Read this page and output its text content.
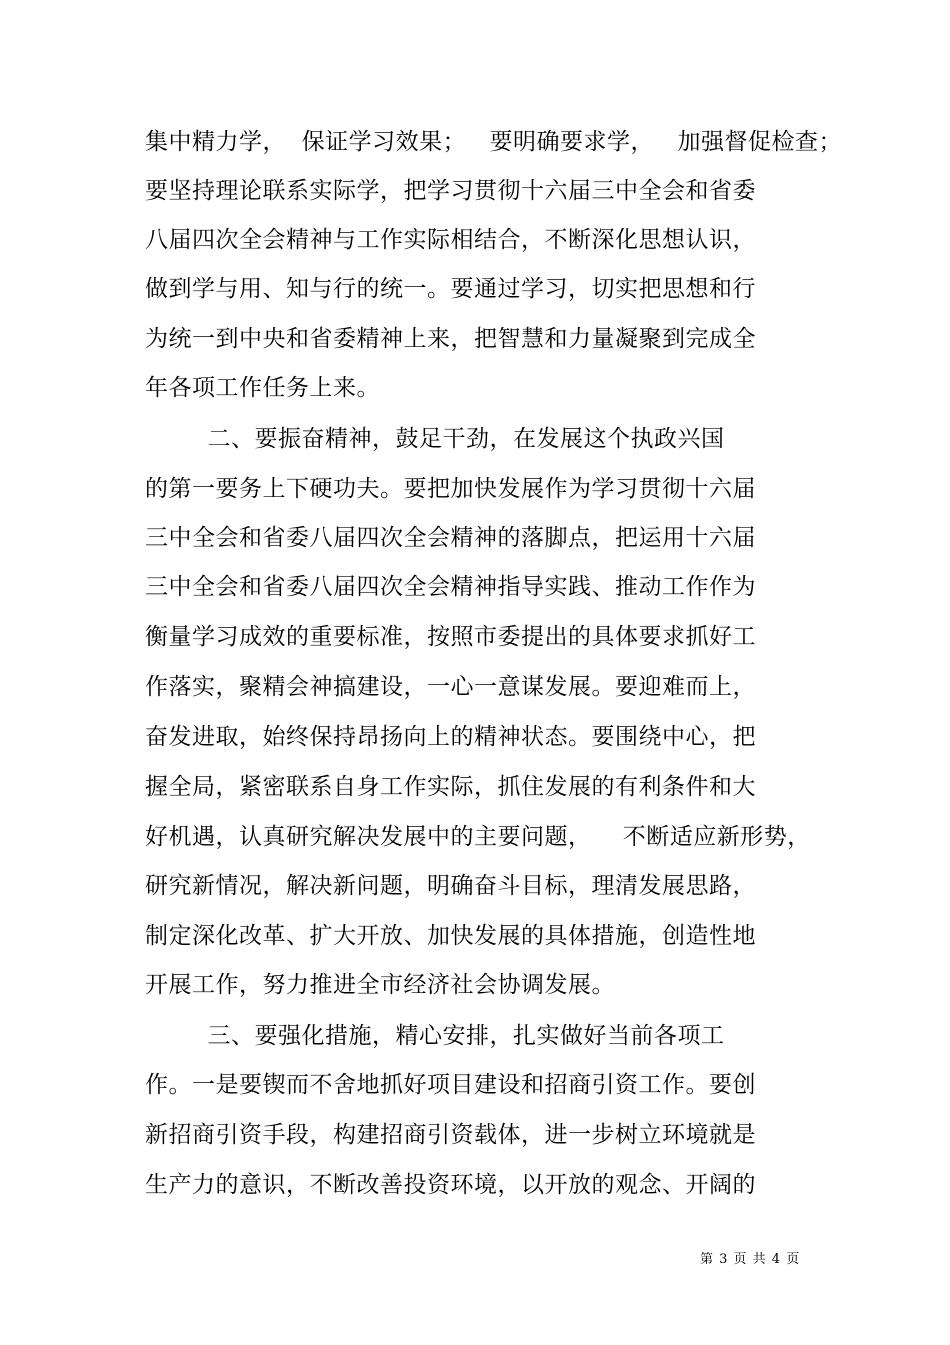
集中精力学，  保证学习效果；   要明确要求学，   加强督促检查；
要坚持理论联系实际学，把学习贯彻十六届三中全会和省委
八届四次全会精神与工作实际相结合，不断深化思想认识，
做到学与用、知与行的统一。要通过学习，切实把思想和行
为统一到中央和省委精神上来，把智慧和力量凝聚到完成全
年各项工作任务上来。
二、要振奋精神，鼓足干劲，在发展这个执政兴国
的第一要务上下硬功夫。要把加快发展作为学习贯彻十六届
三中全会和省委八届四次全会精神的落脚点，把运用十六届
三中全会和省委八届四次全会精神指导实践、推动工作作为
衡量学习成效的重要标准，按照市委提出的具体要求抓好工
作落实，聚精会神搞建设，一心一意谋发展。要迎难而上，
奋发进取，始终保持昂扬向上的精神状态。要围绕中心，把
握全局，紧密联系自身工作实际，抓住发展的有利条件和大
好机遇，认真研究解决发展中的主要问题，    不断适应新形势，
研究新情况，解决新问题，明确奋斗目标，理清发展思路，
制定深化改革、扩大开放、加快发展的具体措施，创造性地
开展工作，努力推进全市经济社会协调发展。
三、要强化措施，精心安排，扎实做好当前各项工
作。一是要锲而不舍地抓好项目建设和招商引资工作。要创
新招商引资手段，构建招商引资载体，进一步树立环境就是
生产力的意识，不断改善投资环境，以开放的观念、开阔的
第 3 页 共 4 页
